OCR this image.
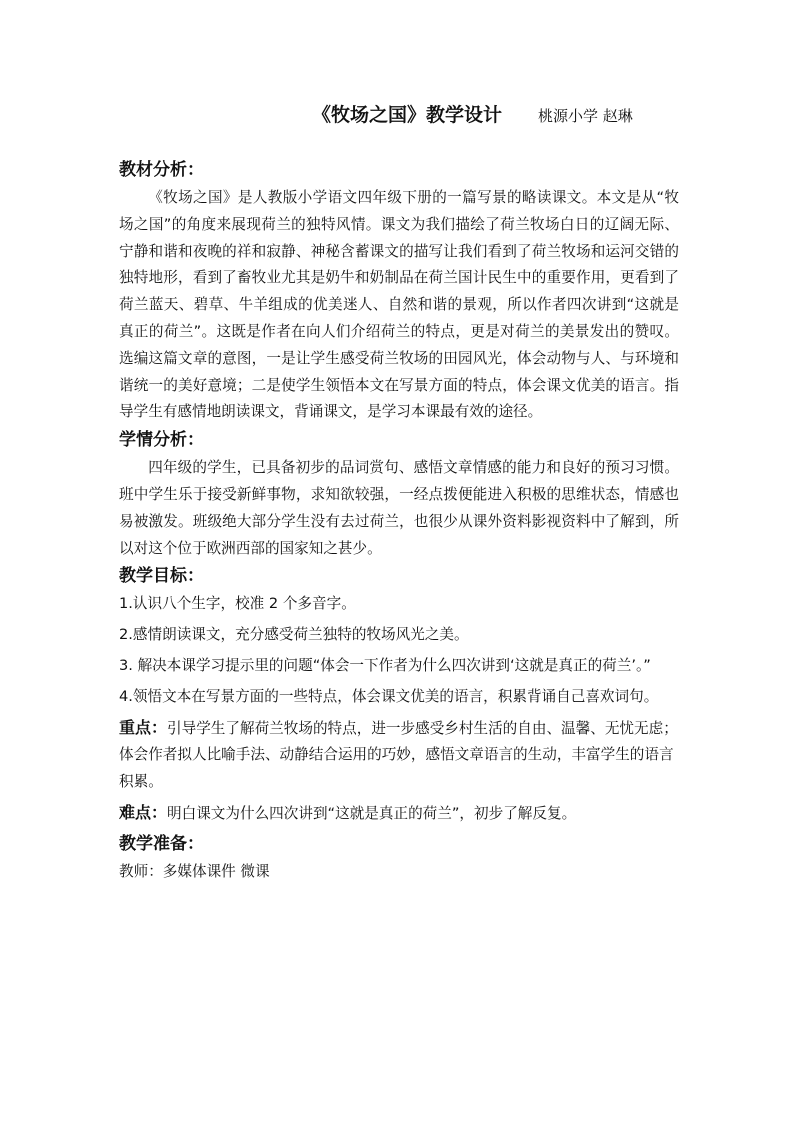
《牧场之国》教学设计 桃源小学 赵琳
教材分析：

《牧场之国》是人教版小学语文四年级下册的一篇写景的略读课文。本文是从“牧场之国”的角度来展现荷兰的独特风情。课文为我们描绘了荷兰牧场白日的辽阔无际、宁静和谐和夜晚的祥和寂静、神秘含蓄课文的描写让我们看到了荷兰牧场和运河交错的独特地形，看到了畜牧业尤其是奶牛和奶制品在荷兰国计民生中的重要作用，更看到了荷兰蓝天、碧草、牛羊组成的优美迷人、自然和谐的景观，所以作者四次讲到“这就是真正的荷兰”。这既是作者在向人们介绍荷兰的特点，更是对荷兰的美景发出的赞叹。选编这篇文章的意图，一是让学生感受荷兰牧场的田园风光，体会动物与人、与环境和谐统一的美好意境；二是使学生领悟本文在写景方面的特点，体会课文优美的语言。指导学生有感情地朗读课文，背诵课文，是学习本课最有效的途径。

学情分析：

四年级的学生，已具备初步的品词赏句、感悟文章情感的能力和良好的预习习惯。班中学生乐于接受新鲜事物，求知欲较强，一经点拨便能进入积极的思维状态，情感也易被激发。班级绝大部分学生没有去过荷兰，也很少从课外资料影视资料中了解到，所以对这个位于欧洲西部的国家知之甚少。

教学目标：

1.认识八个生字，校准 2 个多音字。

2.感情朗读课文，充分感受荷兰独特的牧场风光之美。

3. 解决本课学习提示里的问题“体会一下作者为什么四次讲到‘这就是真正的荷兰’。”

4.领悟文本在写景方面的一些特点，体会课文优美的语言，积累背诵自己喜欢词句。

重点：引导学生了解荷兰牧场的特点，进一步感受乡村生活的自由、温馨、无忧无虑；体会作者拟人比喻手法、动静结合运用的巧妙，感悟文章语言的生动，丰富学生的语言积累。

难点：明白课文为什么四次讲到“这就是真正的荷兰”，初步了解反复。

教学准备：

教师：多媒体课件 微课
